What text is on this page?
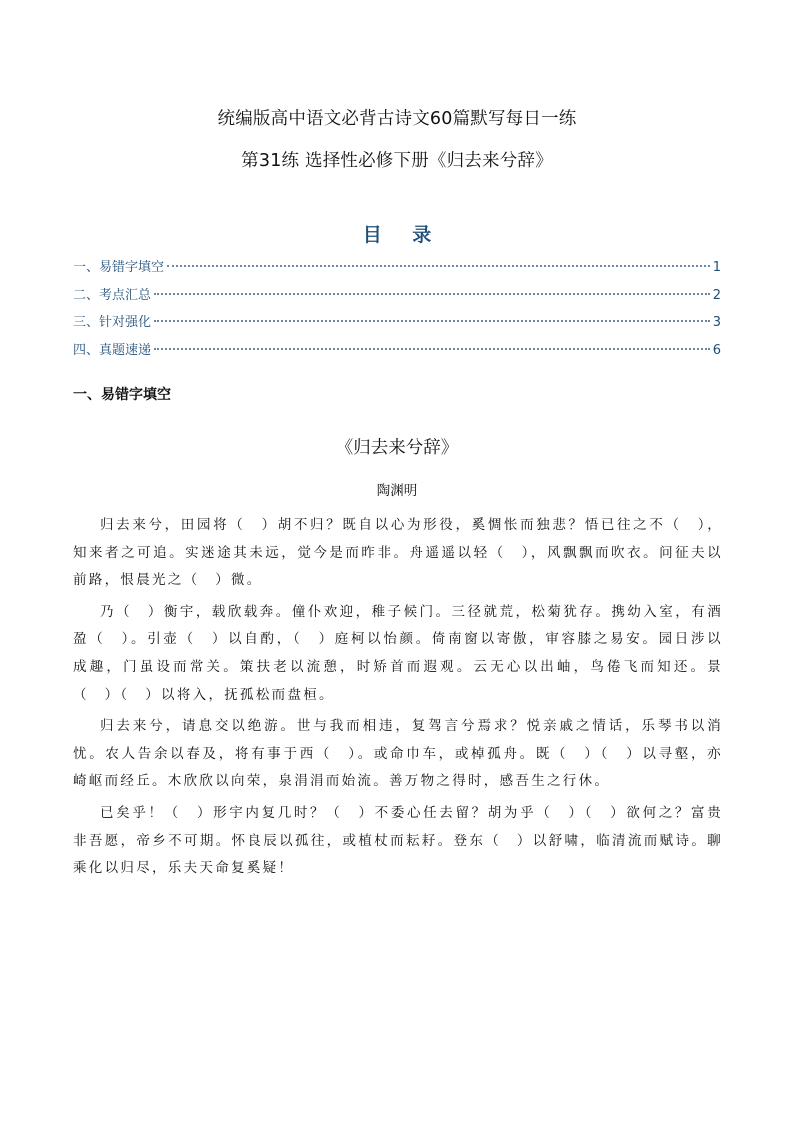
统编版高中语文必背古诗文60篇默写每日一练
第31练 选择性必修下册《归去来兮辞》
目 录
一、易错字填空	1
二、考点汇总	2
三、针对强化	3
四、真题速递	6
一、易错字填空
《归去来兮辞》
陶渊明

归去来兮，田园将（　）胡不归？既自以心为形役，奚惆怅而独悲？悟已往之不（　），知来者之可追。实迷途其未远，觉今是而昨非。舟遥遥以轻（　），风飘飘而吹衣。问征夫以前路，恨晨光之（　）微。

乃（　）衡宇，载欣载奔。僮仆欢迎，稚子候门。三径就荒，松菊犹存。携幼入室，有酒盈（　）。引壶（　）以自酌，（　）庭柯以怡颜。倚南窗以寄傲，审容膝之易安。园日涉以成趣，门虽设而常关。策扶老以流憩，时矫首而遐观。云无心以出岫，鸟倦飞而知还。景（　）（　）以将入，抚孤松而盘桓。

归去来兮，请息交以绝游。世与我而相违，复驾言兮焉求？悦亲戚之情话，乐琴书以消忧。农人告余以春及，将有事于西（　）。或命巾车，或棹孤舟。既（　）（　）以寻壑，亦崎岖而经丘。木欣欣以向荣，泉涓涓而始流。善万物之得时，感吾生之行休。

已矣乎！（　）形宇内复几时？（　）不委心任去留？胡为乎（　）（　）欲何之？富贵非吾愿，帝乡不可期。怀良辰以孤往，或植杖而耘耔。登东（　）以舒啸，临清流而赋诗。聊乘化以归尽，乐夫天命复奚疑！
